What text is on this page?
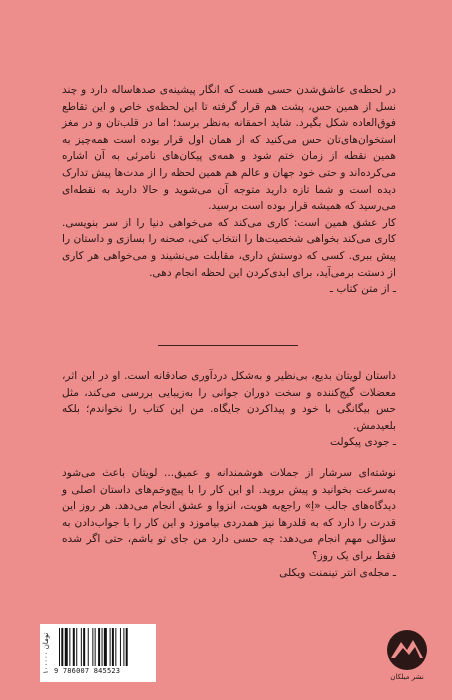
در لحظه‌ی عاشق‌شدن حسی هست که انگار پیشینه‌ی صدهاساله دارد و چند نسل از همین حس، پشت هم قرار گرفته تا این لحظه‌ی خاص و این تقاطع فوق‌العاده شکل بگیرد. شاید احمقانه به‌نظر برسد؛ اما در قلب‌تان و در مغز استخوان‌های‌تان حس می‌کنید که از همان اول قرار بوده است همه‌چیز به همین نقطه از زمان ختم شود و همه‌ی پیکان‌های نامرئی به آن اشاره می‌کرده‌اند و حتی خود جهان و عالم هم همین لحظه را از مدت‌ها پیش تدارک دیده است و شما تازه دارید متوجه آن می‌شوید و حالا دارید به نقطه‌ای می‌رسید که همیشه قرار بوده است برسید.

کار عشق همین است: کاری می‌کند که می‌خواهی دنیا را از سر بنویسی. کاری می‌کند بخواهی شخصیت‌ها را انتخاب کنی، صحنه را بسازی و داستان را پیش ببری. کسی که دوستش داری، مقابلت می‌نشیند و می‌خواهی هر کاری از دستت برمی‌آید، برای ابدی‌کردن این لحظه انجام دهی.

ـ از متن کتاب ـ

داستان لویتان بدیع، بی‌نظیر و به‌شکل دردآوری صادقانه است. او در این اثر، معضلات گیج‌کننده و سخت دوران جوانی را به‌زیبایی بررسی می‌کند، مثل حس بیگانگی با خود و پیدا‌کردن جایگاه. من این کتاب را نخواندم؛ بلکه بلعیدمش.

ـ جودی پیکولت

نوشته‌ای سرشار از جملات هوشمندانه و عمیق... لویتان باعث می‌شود به‌سرعت بخوانید و پیش بروید. او این کار را با پیچ‌وخم‌های داستان اصلی و دیدگاه‌های جالب «اِ» راجع‌به هویت، انزوا و عشق انجام می‌دهد. هر روز این قدرت را دارد که به قلدرها نیز همدردی بیاموزد و این کار را با جواب‌دادن به سؤالی مهم انجام می‌دهد: چه حسی دارد من جای تو باشم، حتی اگر شده فقط برای یک روز؟

ـ مجله‌ی انتر تینمنت ویکلی

۱۰۰۰۰۰ تومان
9 786007 845523
نشر میلکان
